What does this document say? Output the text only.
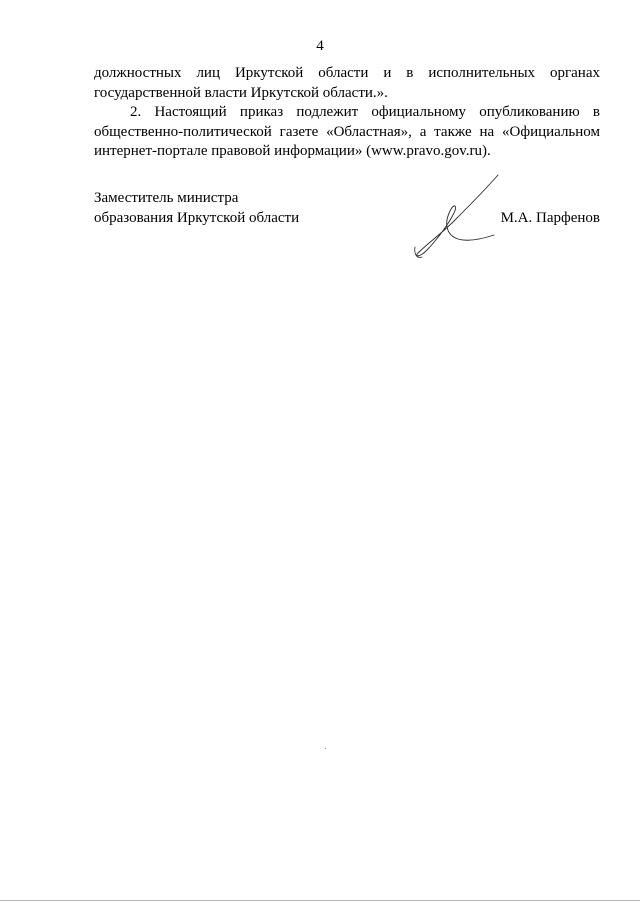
4

должностных лиц Иркутской области и в исполнительных органах государственной власти Иркутской области.».

2. Настоящий приказ подлежит официальному опубликованию в общественно-политической газете «Областная», а также на «Официальном интернет-портале правовой информации» (www.pravo.gov.ru).

Заместитель министра
образования Иркутской области	М.А. Парфенов
